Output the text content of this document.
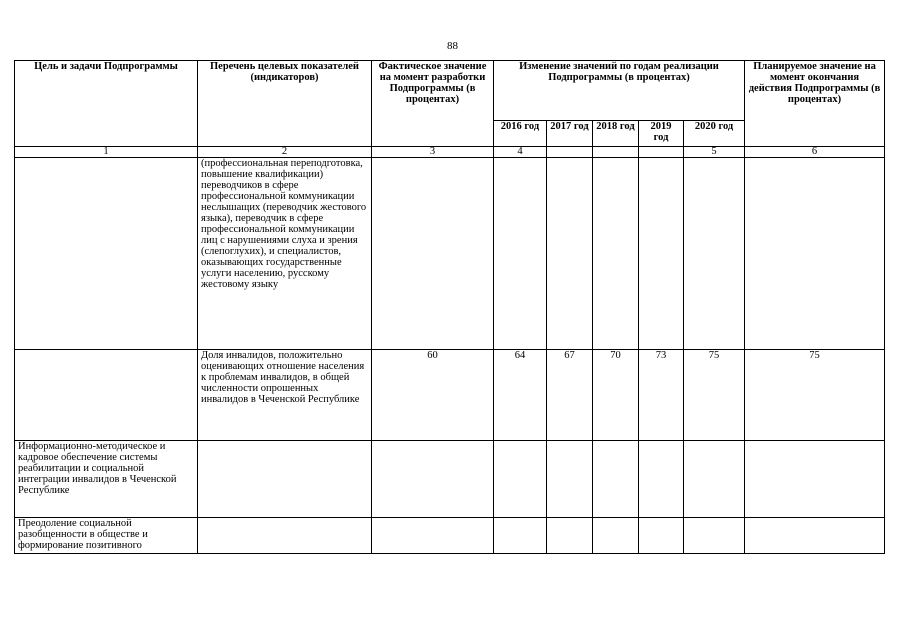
88
Цель и задачи Подпрограммы	Перечень целевых показателей (индикаторов)	Фактическое значение на момент разработки Подпрограммы (в процентах)	Изменение значений по годам реализации Подпрограммы (в процентах)					Планируемое значение на момент окончания действия Подпрограммы (в процентах)
			2016 год	2017 год	2018 год	2019 год	2020 год	
1	2	3	4				5	6
	(профессиональная переподготовка, повышение квалификации) переводчиков в сфере профессиональной коммуникации неслышащих (переводчик жестового языка), переводчик в сфере профессиональной коммуникации лиц с нарушениями слуха и зрения (слепоглухих), и специалистов, оказывающих государственные услуги населению, русскому жестовому языку							
	Доля инвалидов, положительно оценивающих отношение населения к проблемам инвалидов, в общей численности опрошенных инвалидов в Чеченской Республике	60	64	67	70	73	75	75
Информационно-методическое и кадровое обеспечение системы реабилитации и социальной интеграции инвалидов в Чеченской Республике								
Преодоление социальной разобщенности в обществе и формирование позитивного								
